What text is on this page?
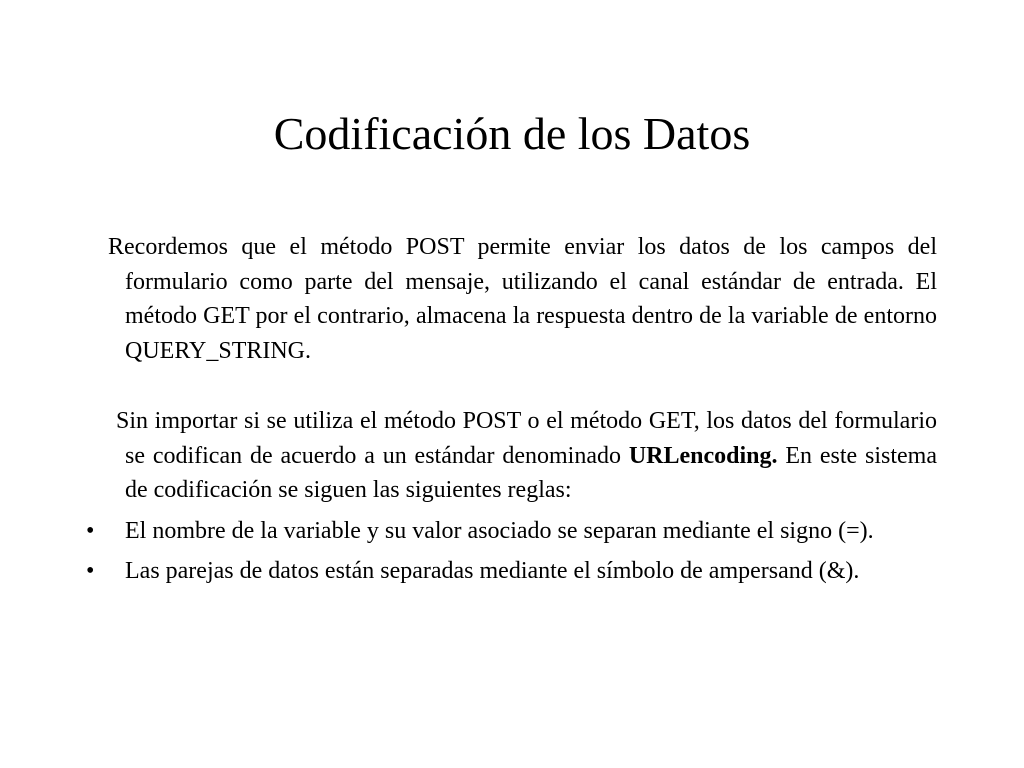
Codificación de los Datos

Recordemos que el método POST permite enviar los datos de los campos del formulario como parte del mensaje, utilizando el canal estándar de entrada. El método GET por el contrario, almacena la respuesta dentro de la variable de entorno QUERY_STRING.

Sin importar si se utiliza el método POST o el método GET, los datos del formulario se codifican de acuerdo a un estándar denominado URLencoding. En este sistema de codificación se siguen las siguientes reglas:

• El nombre de la variable y su valor asociado se separan mediante el signo (=).

• Las parejas de datos están separadas mediante el símbolo de ampersand (&).
